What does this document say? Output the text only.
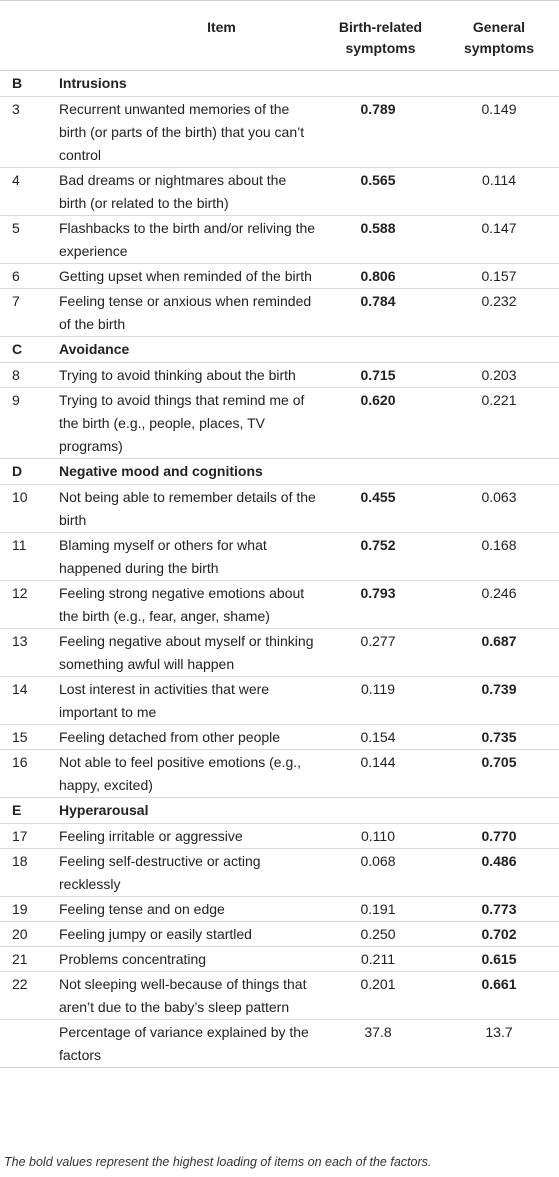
	Item	Birth-related symptoms	General symptoms
B	Intrusions		
3	Recurrent unwanted memories of the birth (or parts of the birth) that you can’t control	0.789	0.149
4	Bad dreams or nightmares about the birth (or related to the birth)	0.565	0.114
5	Flashbacks to the birth and/or reliving the experience	0.588	0.147
6	Getting upset when reminded of the birth	0.806	0.157
7	Feeling tense or anxious when reminded of the birth	0.784	0.232
C	Avoidance		
8	Trying to avoid thinking about the birth	0.715	0.203
9	Trying to avoid things that remind me of the birth (e.g., people, places, TV programs)	0.620	0.221
D	Negative mood and cognitions		
10	Not being able to remember details of the birth	0.455	0.063
11	Blaming myself or others for what happened during the birth	0.752	0.168
12	Feeling strong negative emotions about the birth (e.g., fear, anger, shame)	0.793	0.246
13	Feeling negative about myself or thinking something awful will happen	0.277	0.687
14	Lost interest in activities that were important to me	0.119	0.739
15	Feeling detached from other people	0.154	0.735
16	Not able to feel positive emotions (e.g., happy, excited)	0.144	0.705
E	Hyperarousal		
17	Feeling irritable or aggressive	0.110	0.770
18	Feeling self-destructive or acting recklessly	0.068	0.486
19	Feeling tense and on edge	0.191	0.773
20	Feeling jumpy or easily startled	0.250	0.702
21	Problems concentrating	0.211	0.615
22	Not sleeping well-because of things that aren’t due to the baby’s sleep pattern	0.201	0.661
	Percentage of variance explained by the factors	37.8	13.7
The bold values represent the highest loading of items on each of the factors.
